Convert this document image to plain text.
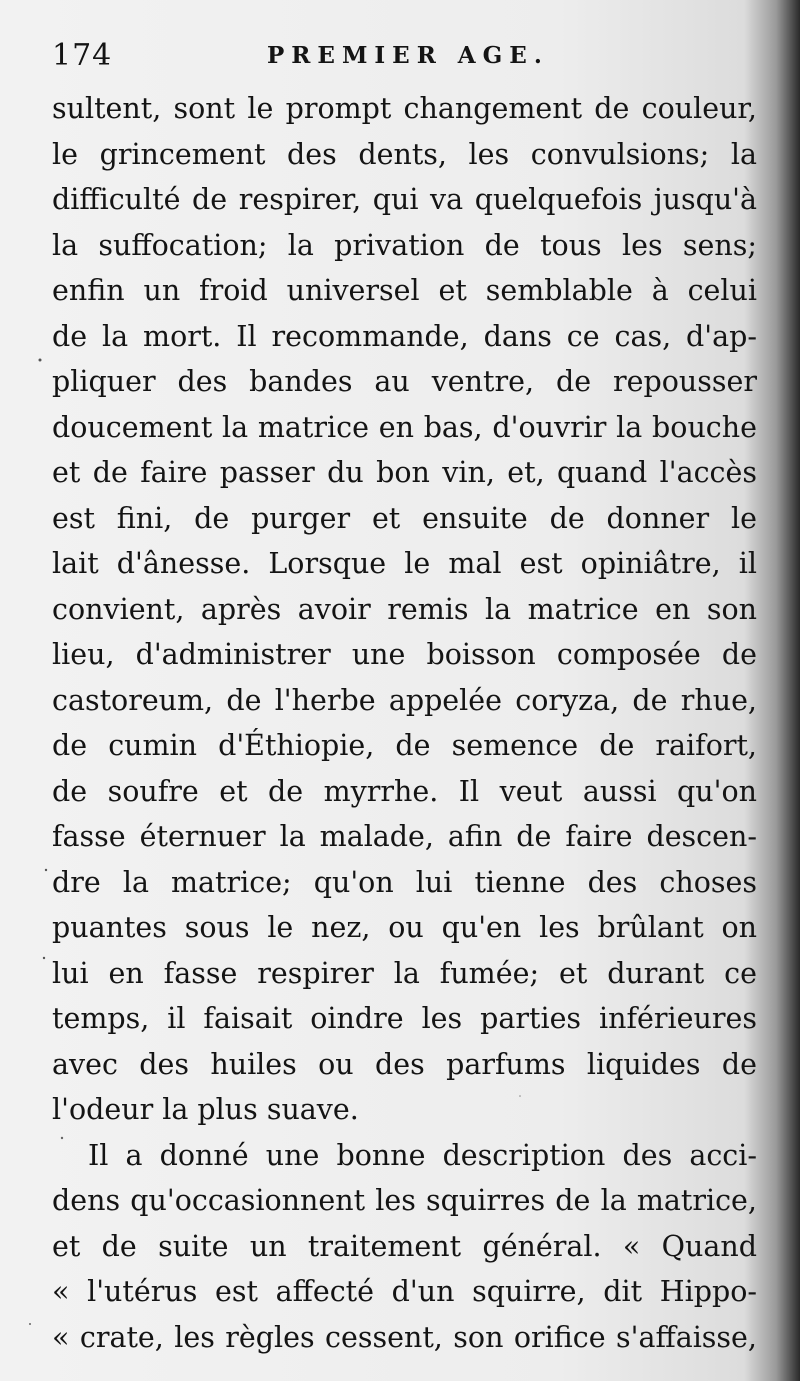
174	PREMIER AGE.
sultent, sont le prompt changement de couleur,
le grincement des dents, les convulsions; la
difficulté de respirer, qui va quelquefois jusqu'à
la suffocation; la privation de tous les sens;
enfin un froid universel et semblable à celui
de la mort. Il recommande, dans ce cas, d'ap-
pliquer des bandes au ventre, de repousser
doucement la matrice en bas, d'ouvrir la bouche
et de faire passer du bon vin, et, quand l'accès
est fini, de purger et ensuite de donner le
lait d'ânesse. Lorsque le mal est opiniâtre, il
convient, après avoir remis la matrice en son
lieu, d'administrer une boisson composée de
castoreum, de l'herbe appelée coryza, de rhue,
de cumin d'Éthiopie, de semence de raifort,
de soufre et de myrrhe. Il veut aussi qu'on
fasse éternuer la malade, afin de faire descen-
dre la matrice; qu'on lui tienne des choses
puantes sous le nez, ou qu'en les brûlant on
lui en fasse respirer la fumée; et durant ce
temps, il faisait oindre les parties inférieures
avec des huiles ou des parfums liquides de
l'odeur la plus suave.
Il a donné une bonne description des acci-
dens qu'occasionnent les squirres de la matrice,
et de suite un traitement général. « Quand
« l'utérus est affecté d'un squirre, dit Hippo-
« crate, les règles cessent, son orifice s'affaisse,
